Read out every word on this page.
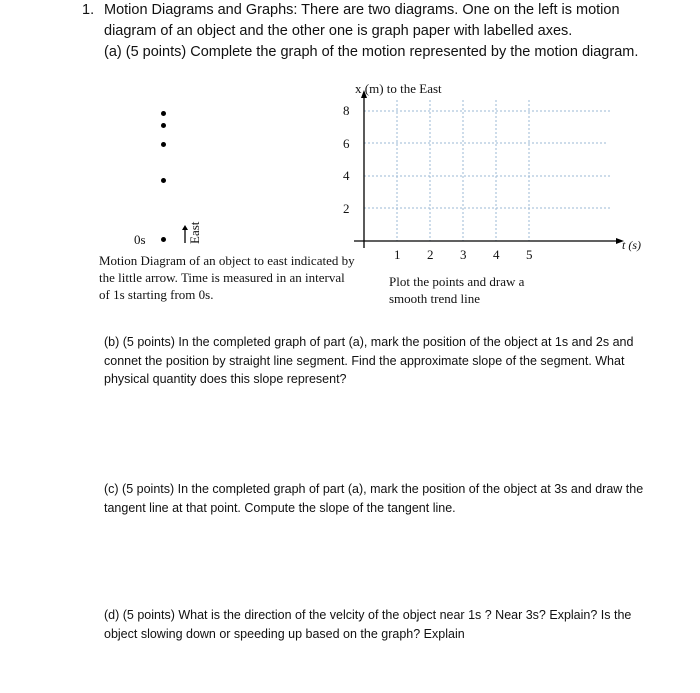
1. Motion Diagrams and Graphs: There are two diagrams. One on the left is motion diagram of an object and the other one is graph paper with labelled axes.
(a) (5 points) Complete the graph of the motion represented by the motion diagram.
0s	East
Motion Diagram of an object to east indicated by the little arrow. Time is measured in an interval of 1s starting from 0s.
x (m) to the East
t (s)
8
6
4
2
1 2 3 4 5
Plot the points and draw a smooth trend line
(b) (5 points) In the completed graph of part (a), mark the position of the object at 1s and 2s and connet the position by straight line segment. Find the approximate slope of the segment. What physical quantity does this slope represent?
(c) (5 points) In the completed graph of part (a), mark the position of the object at 3s and draw the tangent line at that point. Compute the slope of the tangent line.
(d) (5 points) What is the direction of the velcity of the object near 1s ? Near 3s? Explain? Is the object slowing down or speeding up based on the graph? Explain
